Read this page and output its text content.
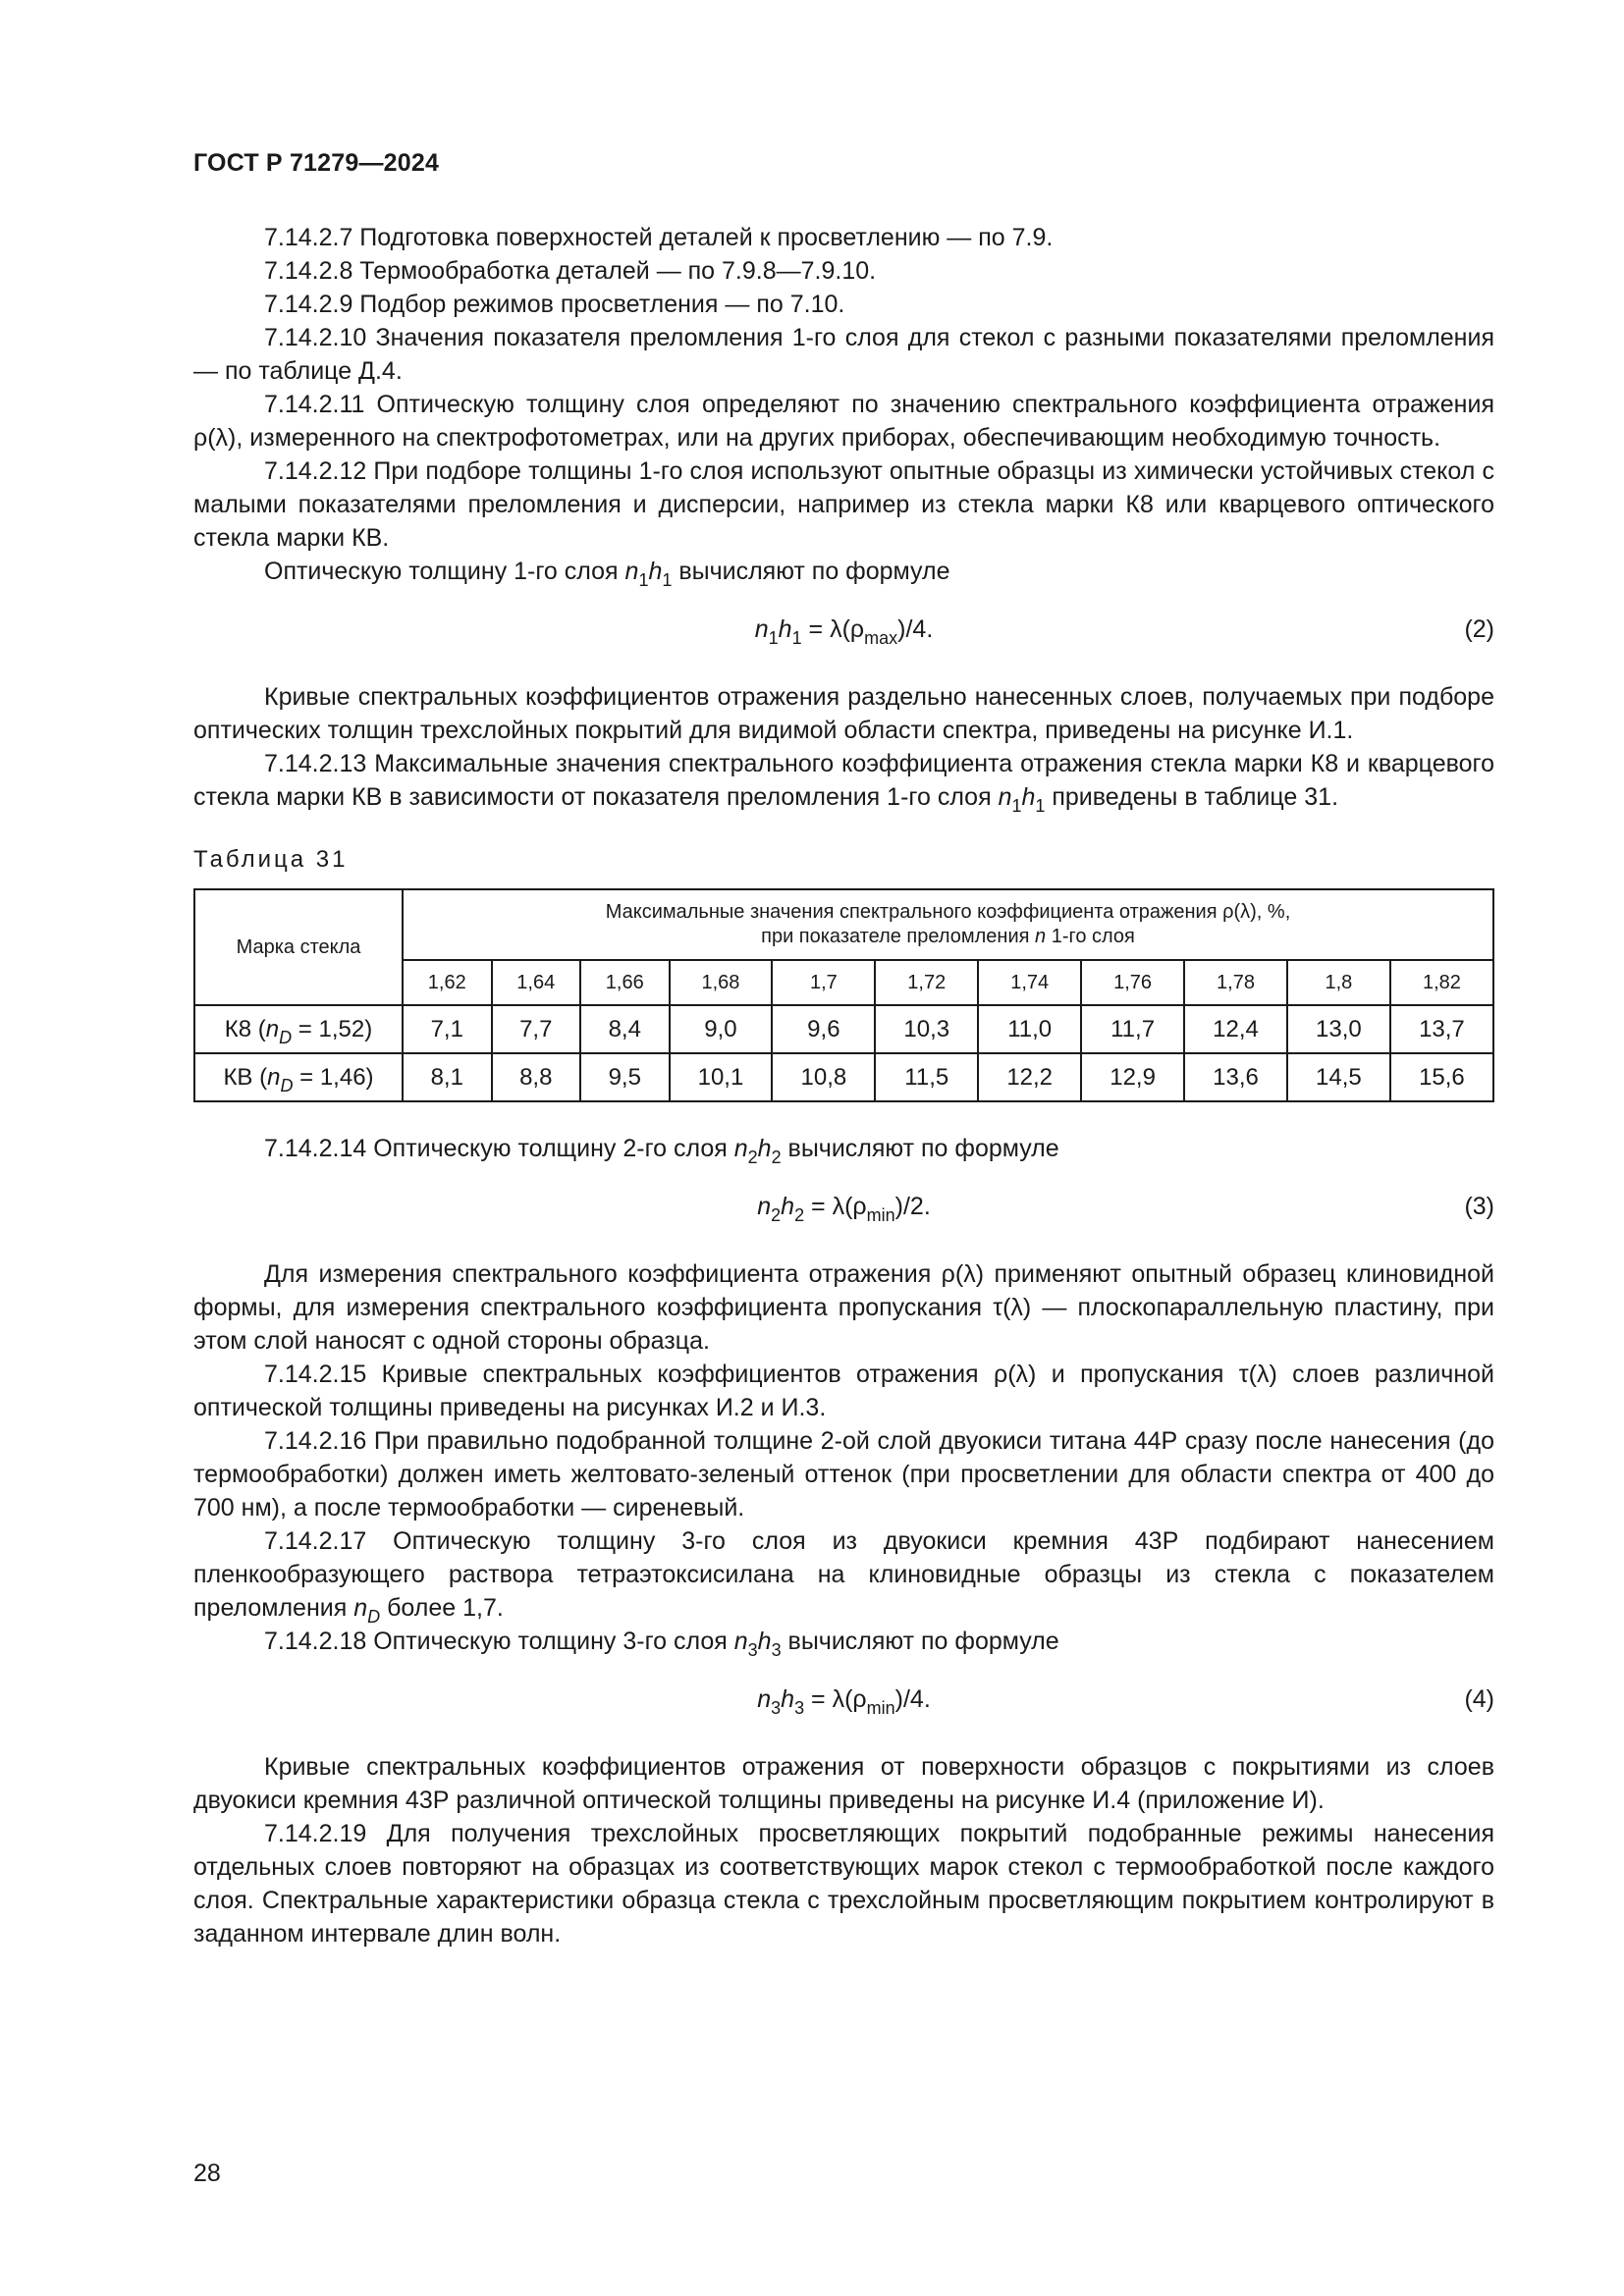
ГОСТ Р 71279—2024

7.14.2.7 Подготовка поверхностей деталей к просветлению — по 7.9.

7.14.2.8 Термообработка деталей — по 7.9.8—7.9.10.

7.14.2.9 Подбор режимов просветления — по 7.10.

7.14.2.10 Значения показателя преломления 1-го слоя для стекол с разными показателями преломления — по таблице Д.4.

7.14.2.11 Оптическую толщину слоя определяют по значению спектрального коэффициента отражения ρ(λ), измеренного на спектрофотометрах, или на других приборах, обеспечивающим необходимую точность.

7.14.2.12 При подборе толщины 1-го слоя используют опытные образцы из химически устойчивых стекол с малыми показателями преломления и дисперсии, например из стекла марки К8 или кварцевого оптического стекла марки КВ.

Оптическую толщину 1-го слоя $n_1h_1$ вычисляют по формуле

$n_1h_1 = \lambda(\rho_{max})/4$.	(2)

Кривые спектральных коэффициентов отражения раздельно нанесенных слоев, получаемых при подборе оптических толщин трехслойных покрытий для видимой области спектра, приведены на рисунке И.1.

7.14.2.13 Максимальные значения спектрального коэффициента отражения стекла марки К8 и кварцевого стекла марки КВ в зависимости от показателя преломления 1-го слоя $n_1h_1$ приведены в таблице 31.

Таблица 31
Марка стекла	Максимальные значения спектрального коэффициента отражения ρ(λ), %,
при показателе преломления n 1-го слоя										
	1,62	1,64	1,66	1,68	1,7	1,72	1,74	1,76	1,78	1,8	1,82
К8 $(n_D = 1,52)$	7,1	7,7	8,4	9,0	9,6	10,3	11,0	11,7	12,4	13,0	13,7
КВ $(n_D = 1,46)$	8,1	8,8	9,5	10,1	10,8	11,5	12,2	12,9	13,6	14,5	15,6

7.14.2.14 Оптическую толщину 2-го слоя $n_2h_2$ вычисляют по формуле

$n_2h_2 = \lambda(\rho_{min})/2$.	(3)

Для измерения спектрального коэффициента отражения ρ(λ) применяют опытный образец клиновидной формы, для измерения спектрального коэффициента пропускания τ(λ) — плоскопараллельную пластину, при этом слой наносят с одной стороны образца.

7.14.2.15 Кривые спектральных коэффициентов отражения ρ(λ) и пропускания τ(λ) слоев различной оптической толщины приведены на рисунках И.2 и И.3.

7.14.2.16 При правильно подобранной толщине 2-ой слой двуокиси титана 44Р сразу после нанесения (до термообработки) должен иметь желтовато-зеленый оттенок (при просветлении для области спектра от 400 до 700 нм), а после термообработки — сиреневый.

7.14.2.17 Оптическую толщину 3-го слоя из двуокиси кремния 43Р подбирают нанесением пленкообразующего раствора тетраэтоксисилана на клиновидные образцы из стекла с показателем преломления $n_D$ более 1,7.

7.14.2.18 Оптическую толщину 3-го слоя $n_3h_3$ вычисляют по формуле

$n_3h_3 = \lambda(\rho_{min})/4$.	(4)

Кривые спектральных коэффициентов отражения от поверхности образцов с покрытиями из слоев двуокиси кремния 43Р различной оптической толщины приведены на рисунке И.4 (приложение И).

7.14.2.19 Для получения трехслойных просветляющих покрытий подобранные режимы нанесения отдельных слоев повторяют на образцах из соответствующих марок стекол с термообработкой после каждого слоя. Спектральные характеристики образца стекла с трехслойным просветляющим покрытием контролируют в заданном интервале длин волн.

28
